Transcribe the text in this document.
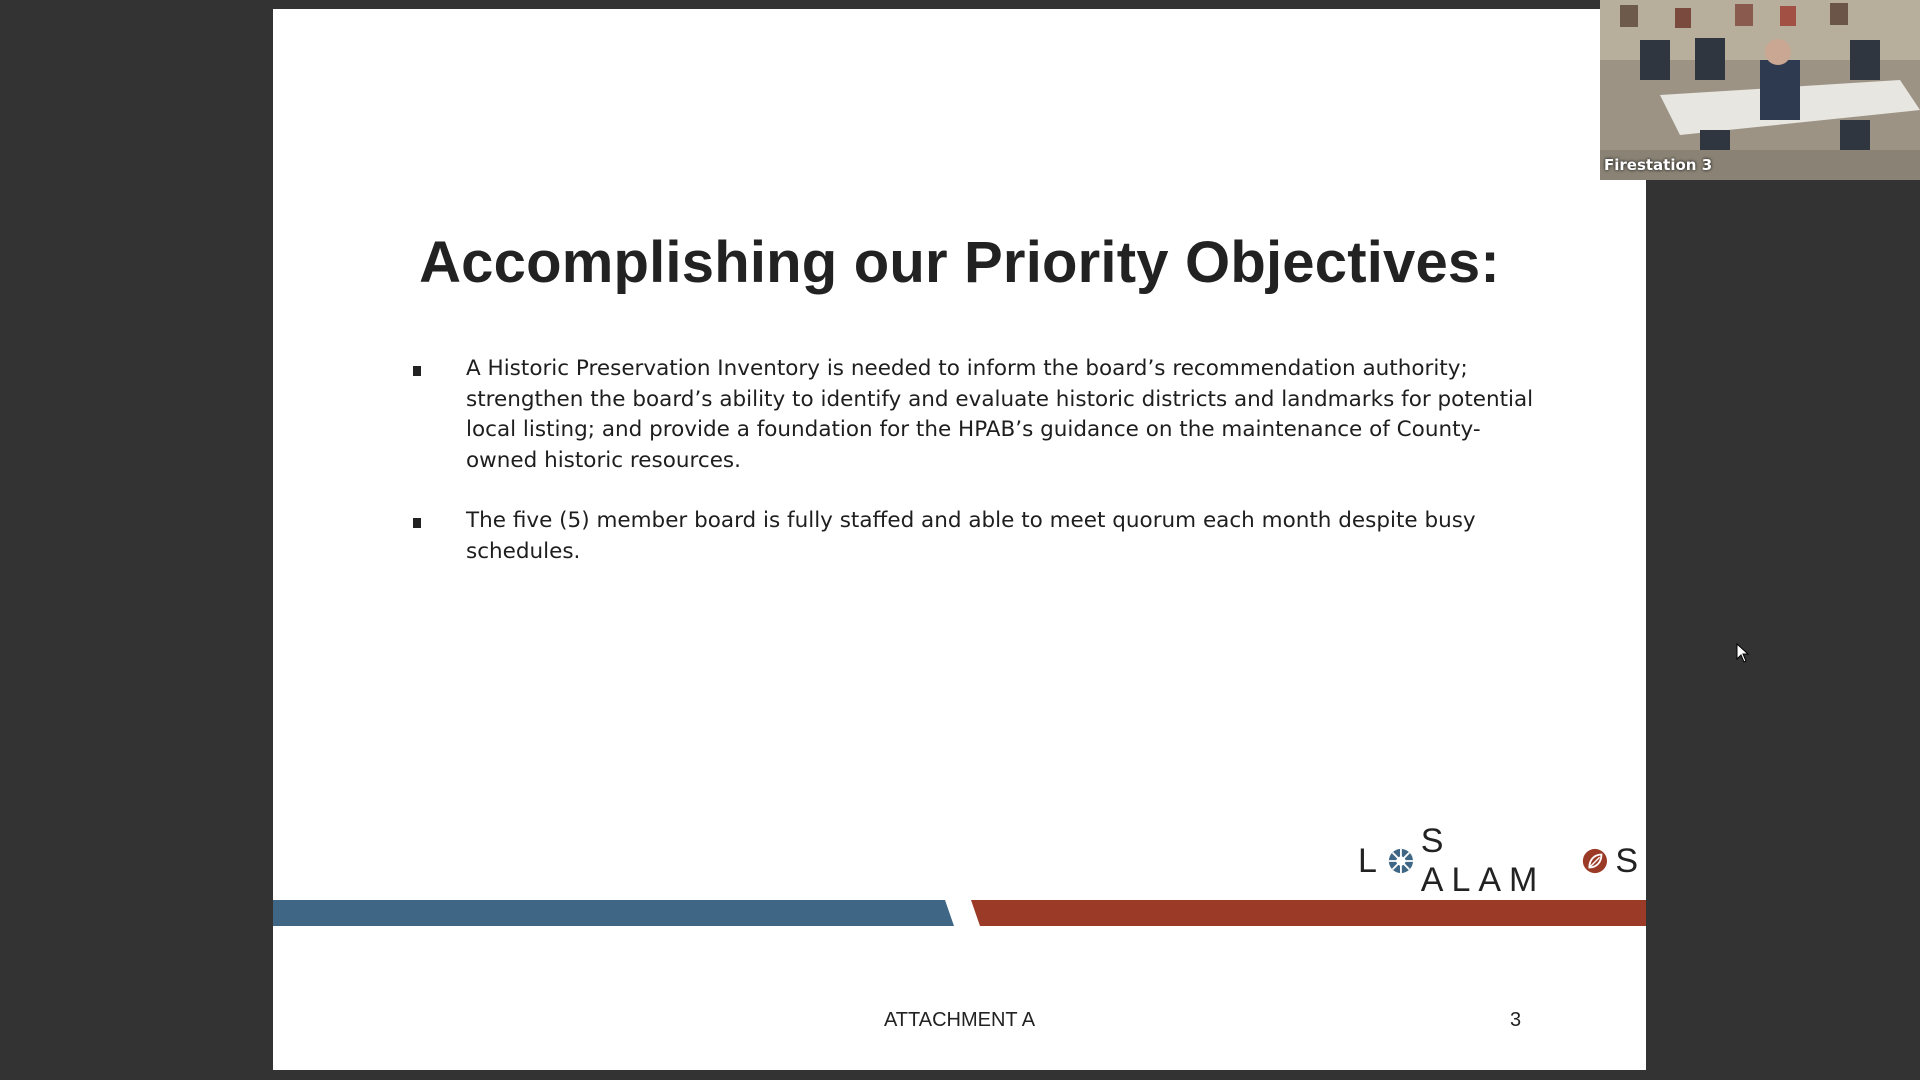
Accomplishing our Priority Objectives:
A Historic Preservation Inventory is needed to inform the board’s recommendation authority; strengthen the board’s ability to identify and evaluate historic districts and landmarks for potential local listing; and provide a foundation for the HPAB’s guidance on the maintenance of County-owned historic resources.
The five (5) member board is fully staffed and able to meet quorum each month despite busy schedules.
L
S ALAM
S
ATTACHMENT A	3
Firestation 3
